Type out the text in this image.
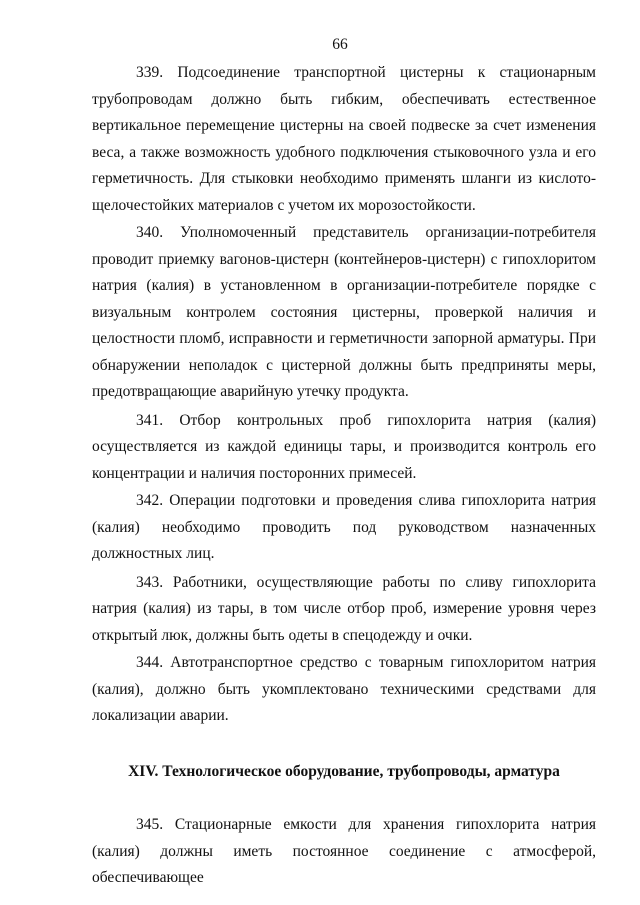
66

339. Подсоединение транспортной цистерны к стационарным трубопроводам должно быть гибким, обеспечивать естественное вертикальное перемещение цистерны на своей подвеске за счет изменения веса, а также возможность удобного подключения стыковочного узла и его герметичность. Для стыковки необходимо применять шланги из кислото-щелочестойких материалов с учетом их морозостойкости.

340. Уполномоченный представитель организации-потребителя проводит приемку вагонов-цистерн (контейнеров-цистерн) с гипохлоритом натрия (калия) в установленном в организации-потребителе порядке с визуальным контролем состояния цистерны, проверкой наличия и целостности пломб, исправности и герметичности запорной арматуры. При обнаружении неполадок с цистерной должны быть предприняты меры, предотвращающие аварийную утечку продукта.

341. Отбор контрольных проб гипохлорита натрия (калия) осуществляется из каждой единицы тары, и производится контроль его концентрации и наличия посторонних примесей.

342. Операции подготовки и проведения слива гипохлорита натрия (калия) необходимо проводить под руководством назначенных должностных лиц.

343. Работники, осуществляющие работы по сливу гипохлорита натрия (калия) из тары, в том числе отбор проб, измерение уровня через открытый люк, должны быть одеты в спецодежду и очки.

344. Автотранспортное средство с товарным гипохлоритом натрия (калия), должно быть укомплектовано техническими средствами для локализации аварии.

XIV. Технологическое оборудование, трубопроводы, арматура

345. Стационарные емкости для хранения гипохлорита натрия (калия) должны иметь постоянное соединение с атмосферой, обеспечивающее
